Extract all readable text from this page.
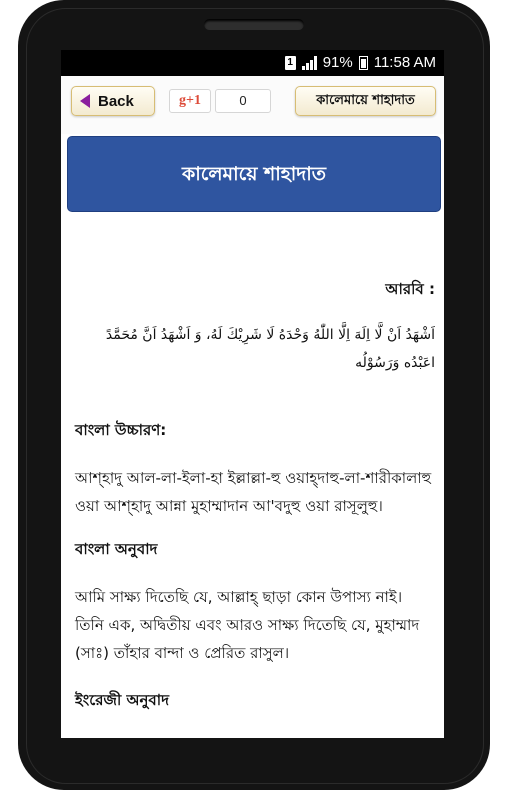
1 91% 11:58 AM
Back	g+1	0	কালেমায়ে শাহাদাত
কালেমায়ে শাহাদাত
আরবি :
اَشْهَدُ اَنْ لَّا اِلَهَ اِلَّا اللّٰهُ وَحْدَهُ لَا شَرِيْكَ لَهُ، وَ اَشْهَدُ اَنَّ مُحَمَّدً اعَبْدُه وَرَسُوْلُه
বাংলা উচ্চারণ:
আশ্হাদু আল-লা-ইলা-হা ইল্লাল্লা-হু ওয়াহ্দাহু-লা-শারীকালাহু ওয়া আশ্হাদু আন্না মুহাম্মাদান আ'বদুহু ওয়া রাসূলুহু।
বাংলা অনুবাদ
আমি সাক্ষ্য দিতেছি যে, আল্লাহ্ ছাড়া কোন উপাস্য নাই। তিনি এক, অদ্বিতীয় এবং আরও সাক্ষ্য দিতেছি যে, মুহাম্মাদ (সাঃ) তাঁহার বান্দা ও প্রেরিত রাসুল।
ইংরেজী অনুবাদ
